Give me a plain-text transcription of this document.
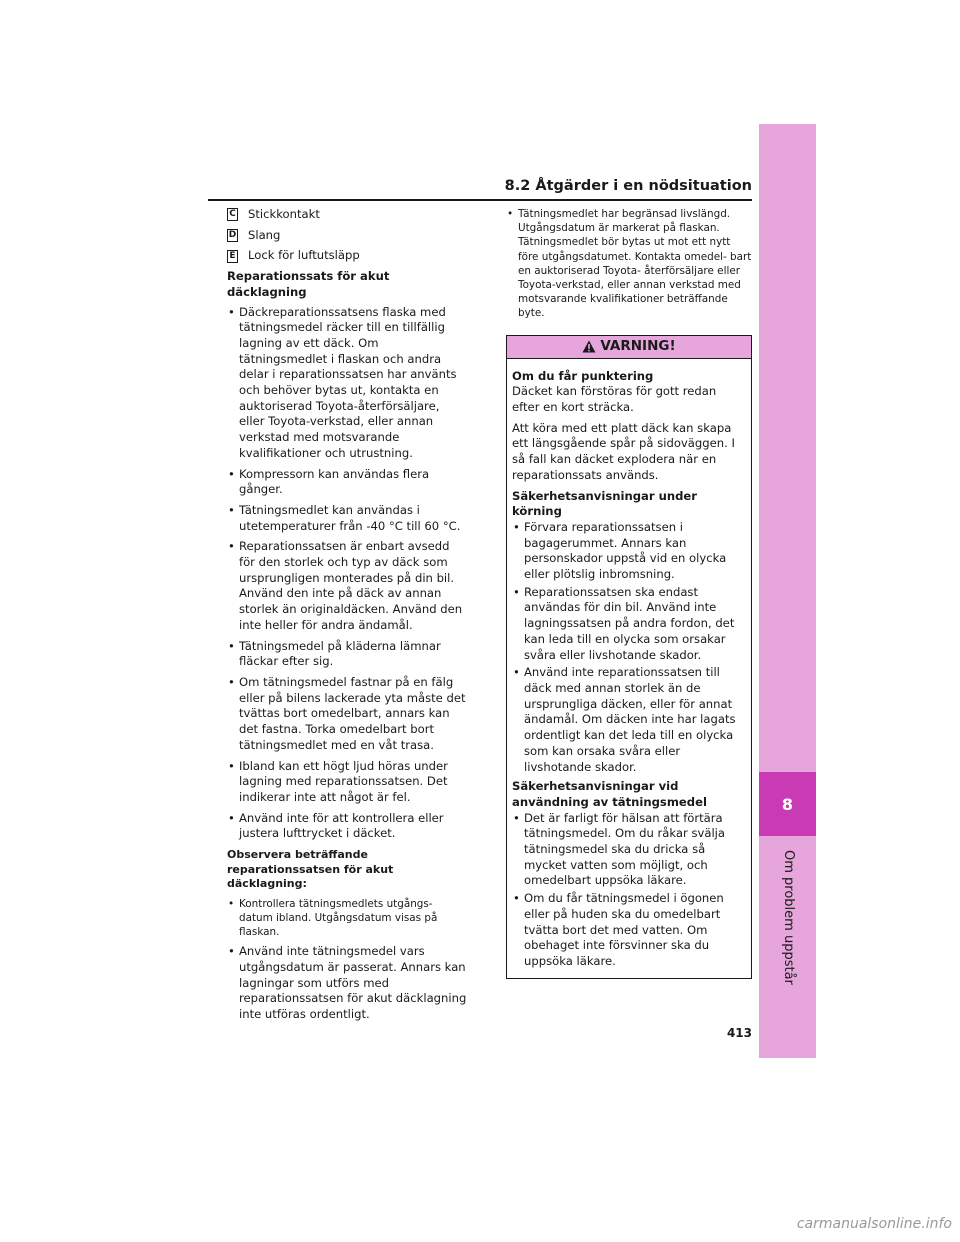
8.2 Åtgärder i en nödsituation
8
Om problem uppstår
413
carmanualsonline.info
C Stickkontakt
D Slang
E Lock för luftutsläpp
Reparationssats för akut däcklagning
• Däckreparationssatsens flaska med tätningsmedel räcker till en tillfällig lagning av ett däck. Om tätningsmedlet i flaskan och andra delar i reparationssatsen har använts och behöver bytas ut, kontakta en auktoriserad Toyota-återförsäljare, eller Toyota-verkstad, eller annan verkstad med motsvarande kvalifikationer och utrustning.
• Kompressorn kan användas flera gånger.
• Tätningsmedlet kan användas i utetemperaturer från -40 °C till 60 °C.
• Reparationssatsen är enbart avsedd för den storlek och typ av däck som ursprungligen monterades på din bil. Använd den inte på däck av annan storlek än originaldäcken. Använd den inte heller för andra ändamål.
• Tätningsmedel på kläderna lämnar fläckar efter sig.
• Om tätningsmedel fastnar på en fälg eller på bilens lackerade yta måste det tvättas bort omedelbart, annars kan det fastna. Torka omedelbart bort tätningsmedlet med en våt trasa.
• Ibland kan ett högt ljud höras under lagning med reparationssatsen. Det indikerar inte att något är fel.
• Använd inte för att kontrollera eller justera lufttrycket i däcket.
Observera beträffande
reparationssatsen för akut däcklagning:
• Kontrollera tätningsmedlets utgångs- datum ibland. Utgångsdatum visas på flaskan.
• Använd inte tätningsmedel vars utgångsdatum är passerat. Annars kan lagningar som utförs med reparationssatsen för akut däcklagning inte utföras ordentligt.
• Tätningsmedlet har begränsad livslängd. Utgångsdatum är markerat på flaskan. Tätningsmedlet bör bytas ut mot ett nytt före utgångsdatumet. Kontakta omedel- bart en auktoriserad Toyota- återförsäljare eller Toyota-verkstad, eller annan verkstad med motsvarande kvalifikationer beträffande byte.
VARNING!
Om du får punktering

Däcket kan förstöras för gott redan efter en kort sträcka.

Att köra med ett platt däck kan skapa ett längsgående spår på sidoväggen. I så fall kan däcket explodera när en reparationssats används.

Säkerhetsanvisningar under körning
• Förvara reparationssatsen i bagagerummet. Annars kan personskador uppstå vid en olycka eller plötslig inbromsning.
• Reparationssatsen ska endast användas för din bil. Använd inte lagningssatsen på andra fordon, det kan leda till en olycka som orsakar svåra eller livshotande skador.
• Använd inte reparationssatsen till däck med annan storlek än de ursprungliga däcken, eller för annat ändamål. Om däcken inte har lagats ordentligt kan det leda till en olycka som kan orsaka svåra eller livshotande skador.
Säkerhetsanvisningar vid användning av tätningsmedel
• Det är farligt för hälsan att förtära tätningsmedel. Om du råkar svälja tätningsmedel ska du dricka så mycket vatten som möjligt, och omedelbart uppsöka läkare.
• Om du får tätningsmedel i ögonen eller på huden ska du omedelbart tvätta bort det med vatten. Om obehaget inte försvinner ska du uppsöka läkare.
